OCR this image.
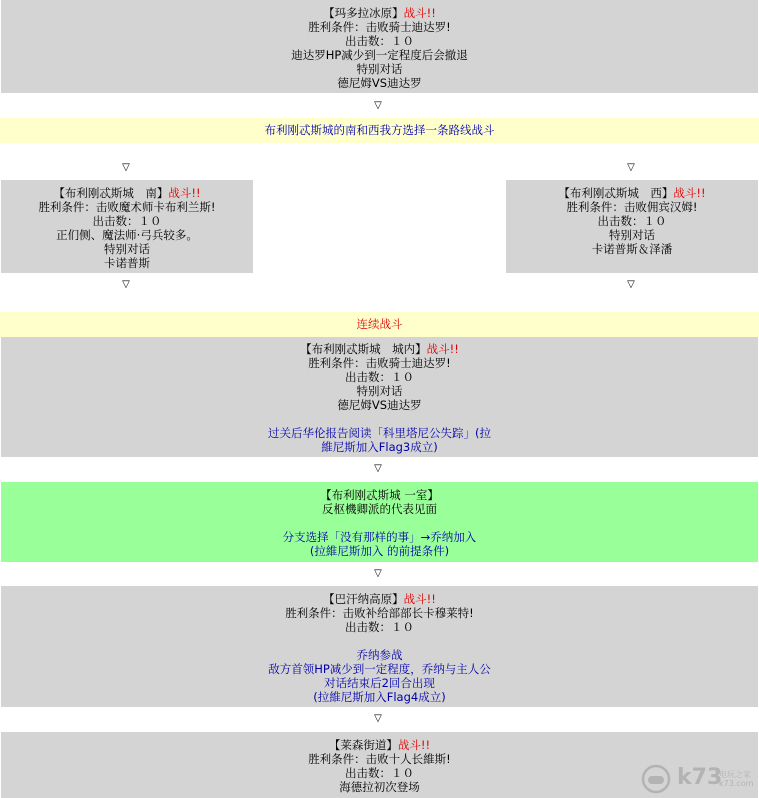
【玛多拉冰原】战斗!!
胜利条件：击败骑士迪达罗!
出击数：１０
迪达罗HP减少到一定程度后会撤退
特别对话
德尼姆VS迪达罗
▽
布利刚忒斯城的南和西我方选择一条路线战斗
▽	▽
【布利刚忒斯城　南】战斗!!
胜利条件：击败魔术师卡布利兰斯!
出击数：１０
正们侧、魔法师·弓兵较多。
特别对话
卡诺普斯
【布利刚忒斯城　西】战斗!!
胜利条件：击败佣宾汉姆!
出击数：１０
特别对话
卡诺普斯＆泽潘
▽	▽
连续战斗
【布利刚忒斯城　城内】战斗!!
胜利条件：击败骑士迪达罗!
出击数：１０
特别对话
德尼姆VS迪达罗
过关后华伦报告阅读「科里塔尼公失踪」(拉
維尼斯加入Flag3成立)
▽
【布利刚忒斯城 一室】
反枢機卿派的代表见面
分支选择「没有那样的事」→乔纳加入
(拉維尼斯加入 的前提条件)
▽
【巴汗纳高原】战斗!!
胜利条件：击败补给部部长卡穆莱特!
出击数：１０
乔纳参战
敌方首领HP减少到一定程度，乔纳与主人公
对话结束后2回合出现
(拉維尼斯加入Flag4成立)
▽
【莱森街道】战斗!!
胜利条件：击败十人长維斯!
出击数：１０
海德拉初次登场	k73
电玩之家
k73.com
